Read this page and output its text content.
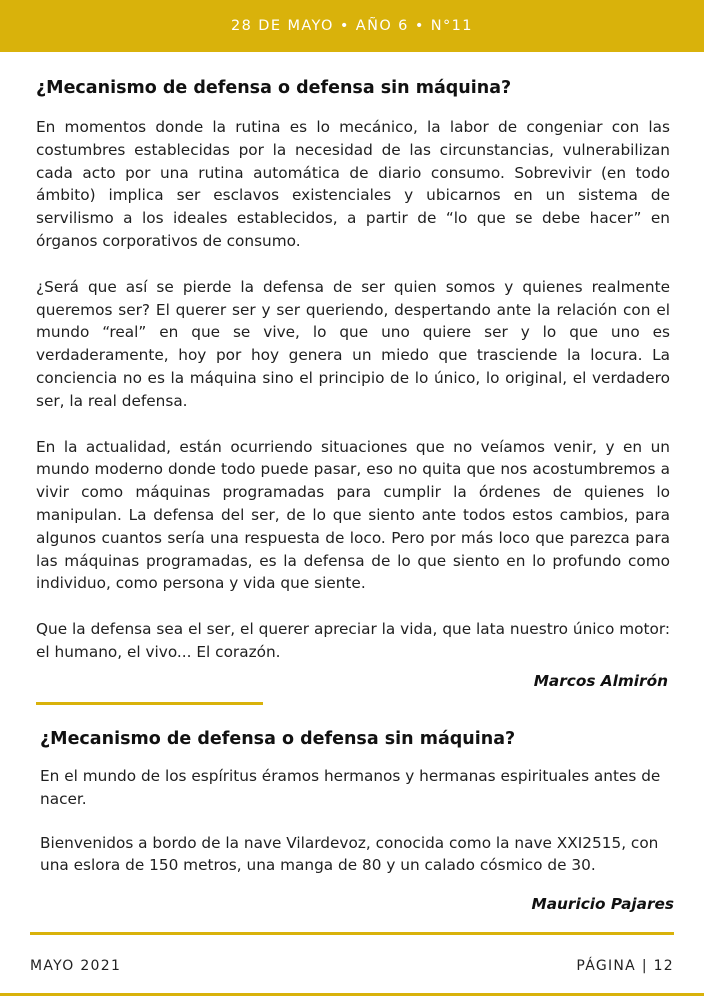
28 DE MAYO • AÑO 6 • N°11
¿Mecanismo de defensa o defensa sin máquina?

En momentos donde la rutina es lo mecánico, la labor de congeniar con las costumbres establecidas por la necesidad de las circunstancias, vulnerabilizan cada acto por una rutina automática de diario consumo. Sobrevivir (en todo ámbito) implica ser esclavos existenciales y ubicarnos en un sistema de servilismo a los ideales establecidos, a partir de “lo que se debe hacer” en órganos corporativos de consumo.

¿Será que así se pierde la defensa de ser quien somos y quienes realmente queremos ser? El querer ser y ser queriendo, despertando ante la relación con el mundo “real” en que se vive, lo que uno quiere ser y lo que uno es verdaderamente, hoy por hoy genera un miedo que trasciende la locura. La conciencia no es la máquina sino el principio de lo único, lo original, el verdadero ser, la real defensa.

En la actualidad, están ocurriendo situaciones que no veíamos venir, y en un mundo moderno donde todo puede pasar, eso no quita que nos acostumbremos a vivir como máquinas programadas para cumplir la órdenes de quienes lo manipulan. La defensa del ser, de lo que siento ante todos estos cambios, para algunos cuantos sería una respuesta de loco. Pero por más loco que parezca para las máquinas programadas, es la defensa de lo que siento en lo profundo como individuo, como persona y vida que siente.

Que la defensa sea el ser, el querer apreciar la vida, que lata nuestro único motor: el humano, el vivo... El corazón.

Marcos Almirón
¿Mecanismo de defensa o defensa sin máquina?

En el mundo de los espíritus éramos hermanos y hermanas espirituales antes de nacer.

Bienvenidos a bordo de la nave Vilardevoz, conocida como la nave XXI2515, con una eslora de 150 metros, una manga de 80 y un calado cósmico de 30.

Mauricio Pajares
MAYO 2021	PÁGINA | 12
